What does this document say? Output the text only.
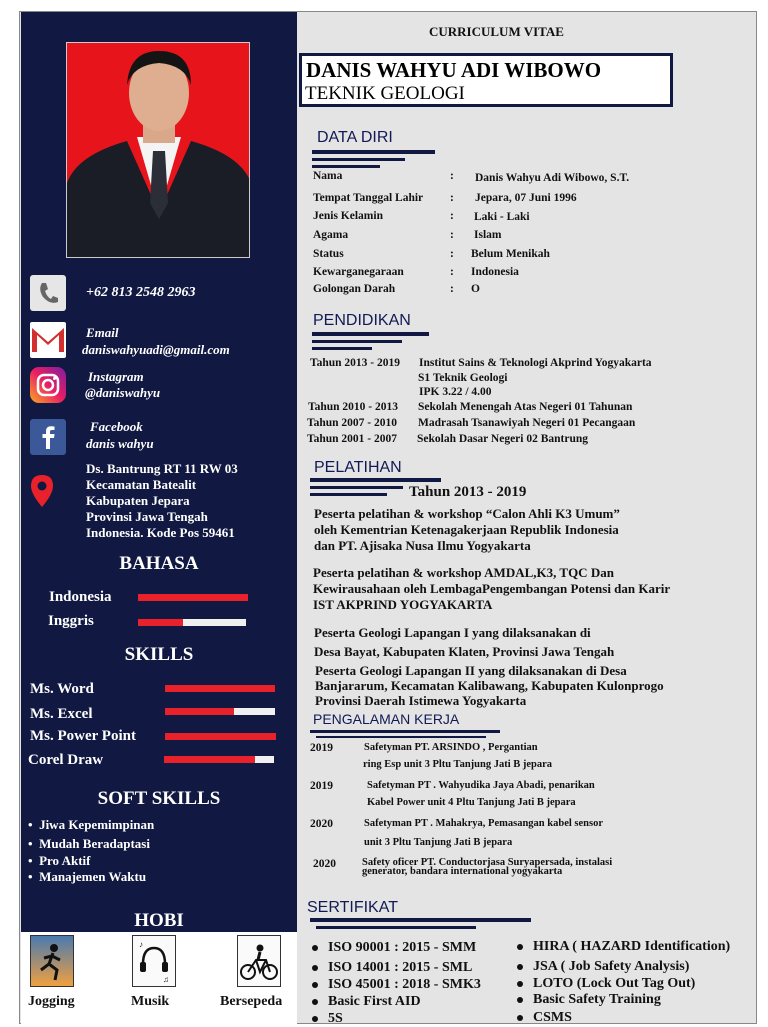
+62 813 2548 2963
Email
daniswahyuadi@gmail.com
Instagram
@daniswahyu
Facebook
danis wahyu
Ds. Bantrung RT 11 RW 03
Kecamatan Batealit
Kabupaten Jepara
Provinsi Jawa Tengah
Indonesia. Kode Pos 59461
BAHASA
Indonesia
Inggris
SKILLS
Ms. Word
Ms. Excel
Ms. Power Point
Corel Draw
SOFT SKILLS
•  Jiwa Kepemimpinan
•  Mudah Beradaptasi
•  Pro Aktif
•  Manajemen Waktu
HOBI
Jogging
♪
♫
Musik	Bersepeda
CURRICULUM VITAE
DANIS WAHYU ADI WIBOWO
TEKNIK GEOLOGI
DATA DIRI
Nama	: Danis Wahyu Adi Wibowo, S.T.
Tempat Tanggal Lahir : Jepara, 07 Juni 1996
Jenis Kelamin	: Laki - Laki
Agama	: Islam
Status	: Belum Menikah
Kewarganegaraan	: Indonesia
Golongan Darah	: O
PENDIDIKAN
Tahun 2013 - 2019 Institut Sains & Teknologi Akprind Yogyakarta
S1 Teknik Geologi
IPK 3.22 / 4.00
Tahun 2010 - 2013 Sekolah Menengah Atas Negeri 01 Tahunan
Tahun 2007 - 2010 Madrasah Tsanawiyah Negeri 01 Pecangaan
Tahun 2001 - 2007 Sekolah Dasar Negeri 02 Bantrung
PELATIHAN
Tahun 2013 - 2019
Peserta pelatihan & workshop “Calon Ahli K3 Umum”
oleh Kementrian Ketenagakerjaan Republik Indonesia
dan PT. Ajisaka Nusa Ilmu Yogyakarta
Peserta pelatihan & workshop AMDAL,K3, TQC Dan
Kewirausahaan oleh LembagaPengembangan Potensi dan Karir
IST AKPRIND YOGYAKARTA
Peserta Geologi Lapangan I yang dilaksanakan di
Desa Bayat, Kabupaten Klaten, Provinsi Jawa Tengah
Peserta Geologi Lapangan II yang dilaksanakan di Desa
Banjararum, Kecamatan Kalibawang, Kabupaten Kulonprogo
Provinsi Daerah Istimewa Yogyakarta
PENGALAMAN KERJA
2019	Safetyman PT. ARSINDO , Pergantian
ring Esp unit 3 Pltu Tanjung Jati B jepara
2019	Safetyman PT . Wahyudika Jaya Abadi, penarikan
Kabel Power unit 4 Pltu Tanjung Jati B jepara
2020	Safetyman PT . Mahakrya, Pemasangan kabel sensor
unit 3 Pltu Tanjung Jati B jepara
2020 Safety oficer PT. Conductorjasa Suryapersada, instalasi
generator, bandara international yogyakarta
SERTIFIKAT
ISO 90001 : 2015 - SMM
ISO 14001 : 2015 - SML
ISO 45001 : 2018 - SMK3
Basic First AID
5S
HIRA ( HAZARD Identification)
JSA ( Job Safety Analysis)
LOTO (Lock Out Tag Out)
Basic Safety Training
CSMS
